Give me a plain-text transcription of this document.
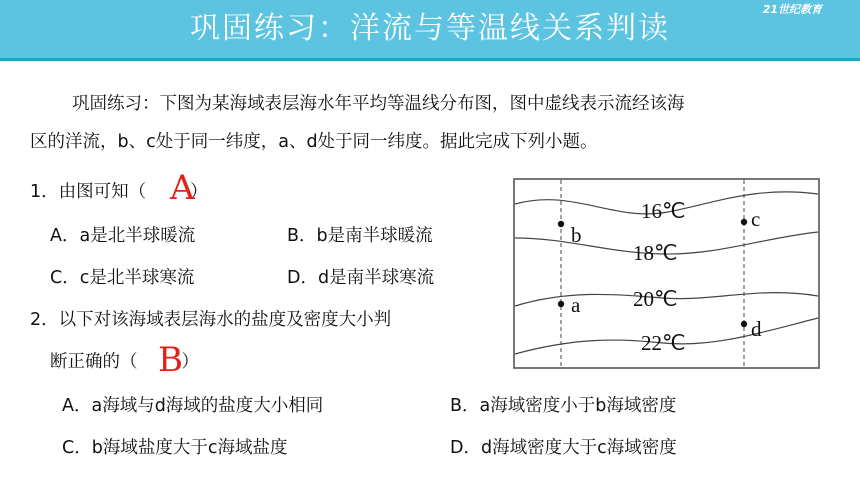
巩固练习：洋流与等温线关系判读
21世纪教育
巩固练习：下图为某海域表层海水年平均等温线分布图，图中虚线表示流经该海
区的洋流，b、c处于同一纬度，a、d处于同一纬度。据此完成下列小题。
1．由图可知（	）
A
A．a是北半球暖流	B．b是南半球暖流
C．c是北半球寒流	D．d是南半球寒流
2．以下对该海域表层海水的盐度及密度大小判
断正确的（	）
B
A．a海域与d海域的盐度大小相同	B．a海域密度小于b海域密度
C．b海域盐度大于c海域盐度	D．d海域密度大于c海域密度
16℃
18℃
20℃
22℃
b
c
a
d
